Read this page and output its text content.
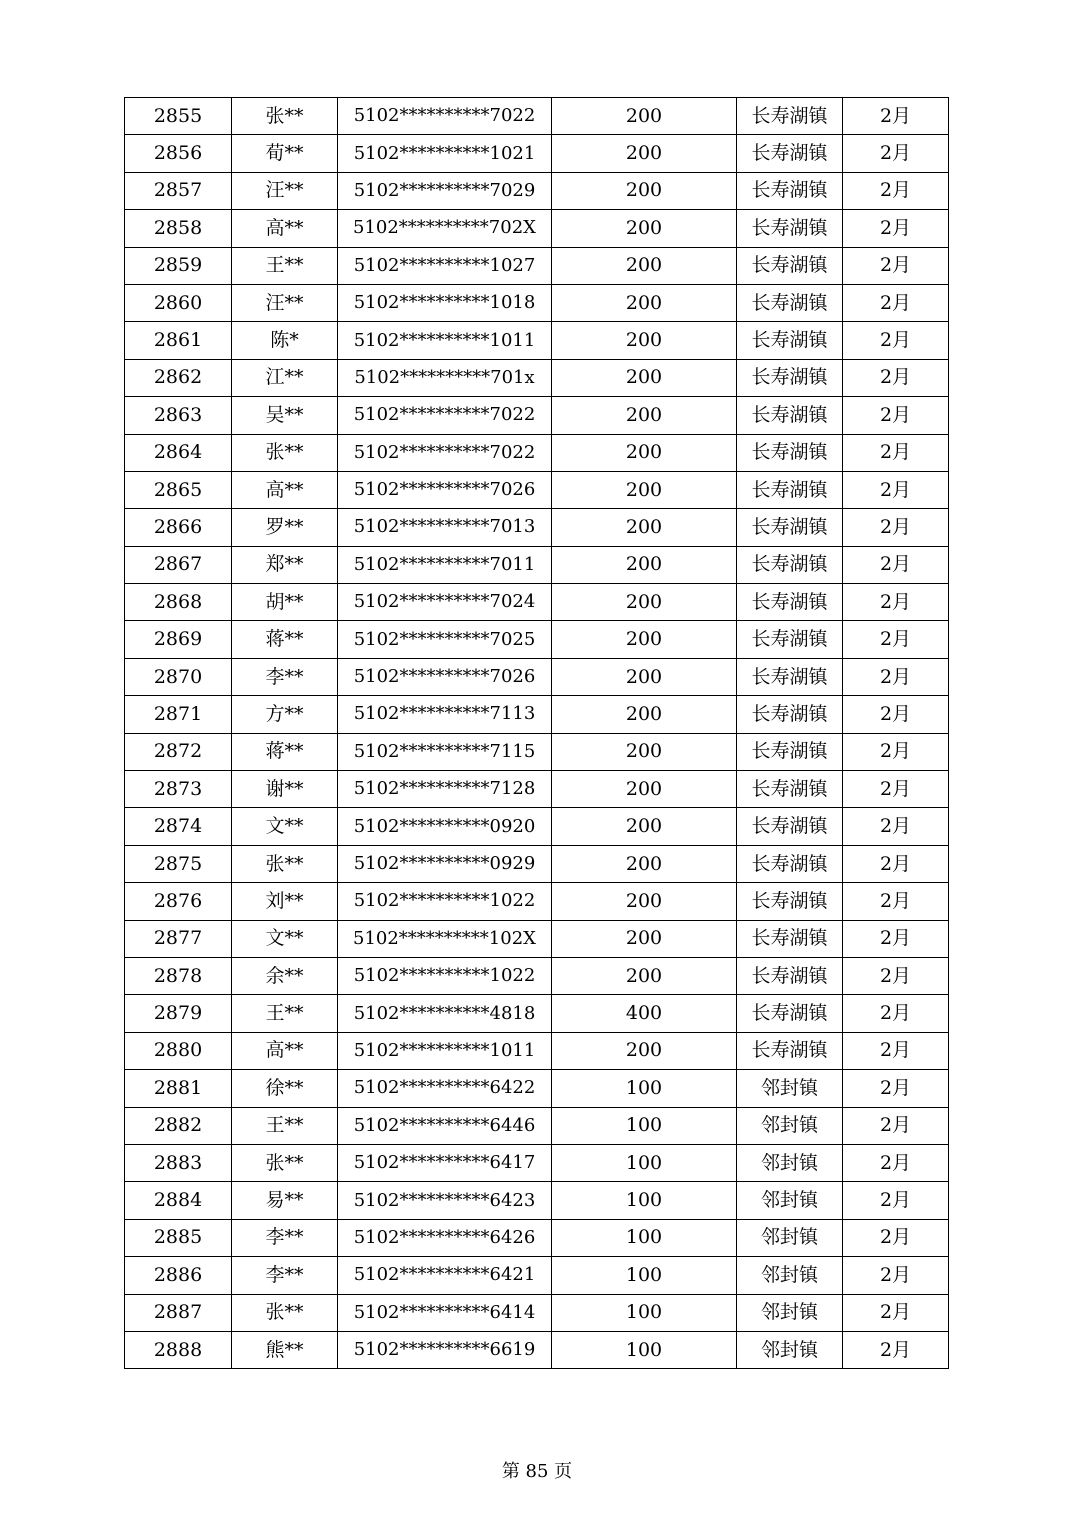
2855	张**	5102**********7022	200	长寿湖镇	2月
2856	荀**	5102**********1021	200	长寿湖镇	2月
2857	汪**	5102**********7029	200	长寿湖镇	2月
2858	高**	5102**********702X	200	长寿湖镇	2月
2859	王**	5102**********1027	200	长寿湖镇	2月
2860	汪**	5102**********1018	200	长寿湖镇	2月
2861	陈*	5102**********1011	200	长寿湖镇	2月
2862	江**	5102**********701x	200	长寿湖镇	2月
2863	吴**	5102**********7022	200	长寿湖镇	2月
2864	张**	5102**********7022	200	长寿湖镇	2月
2865	高**	5102**********7026	200	长寿湖镇	2月
2866	罗**	5102**********7013	200	长寿湖镇	2月
2867	郑**	5102**********7011	200	长寿湖镇	2月
2868	胡**	5102**********7024	200	长寿湖镇	2月
2869	蒋**	5102**********7025	200	长寿湖镇	2月
2870	李**	5102**********7026	200	长寿湖镇	2月
2871	方**	5102**********7113	200	长寿湖镇	2月
2872	蒋**	5102**********7115	200	长寿湖镇	2月
2873	谢**	5102**********7128	200	长寿湖镇	2月
2874	文**	5102**********0920	200	长寿湖镇	2月
2875	张**	5102**********0929	200	长寿湖镇	2月
2876	刘**	5102**********1022	200	长寿湖镇	2月
2877	文**	5102**********102X	200	长寿湖镇	2月
2878	余**	5102**********1022	200	长寿湖镇	2月
2879	王**	5102**********4818	400	长寿湖镇	2月
2880	高**	5102**********1011	200	长寿湖镇	2月
2881	徐**	5102**********6422	100	邻封镇	2月
2882	王**	5102**********6446	100	邻封镇	2月
2883	张**	5102**********6417	100	邻封镇	2月
2884	易**	5102**********6423	100	邻封镇	2月
2885	李**	5102**********6426	100	邻封镇	2月
2886	李**	5102**********6421	100	邻封镇	2月
2887	张**	5102**********6414	100	邻封镇	2月
2888	熊**	5102**********6619	100	邻封镇	2月
第 85 页
